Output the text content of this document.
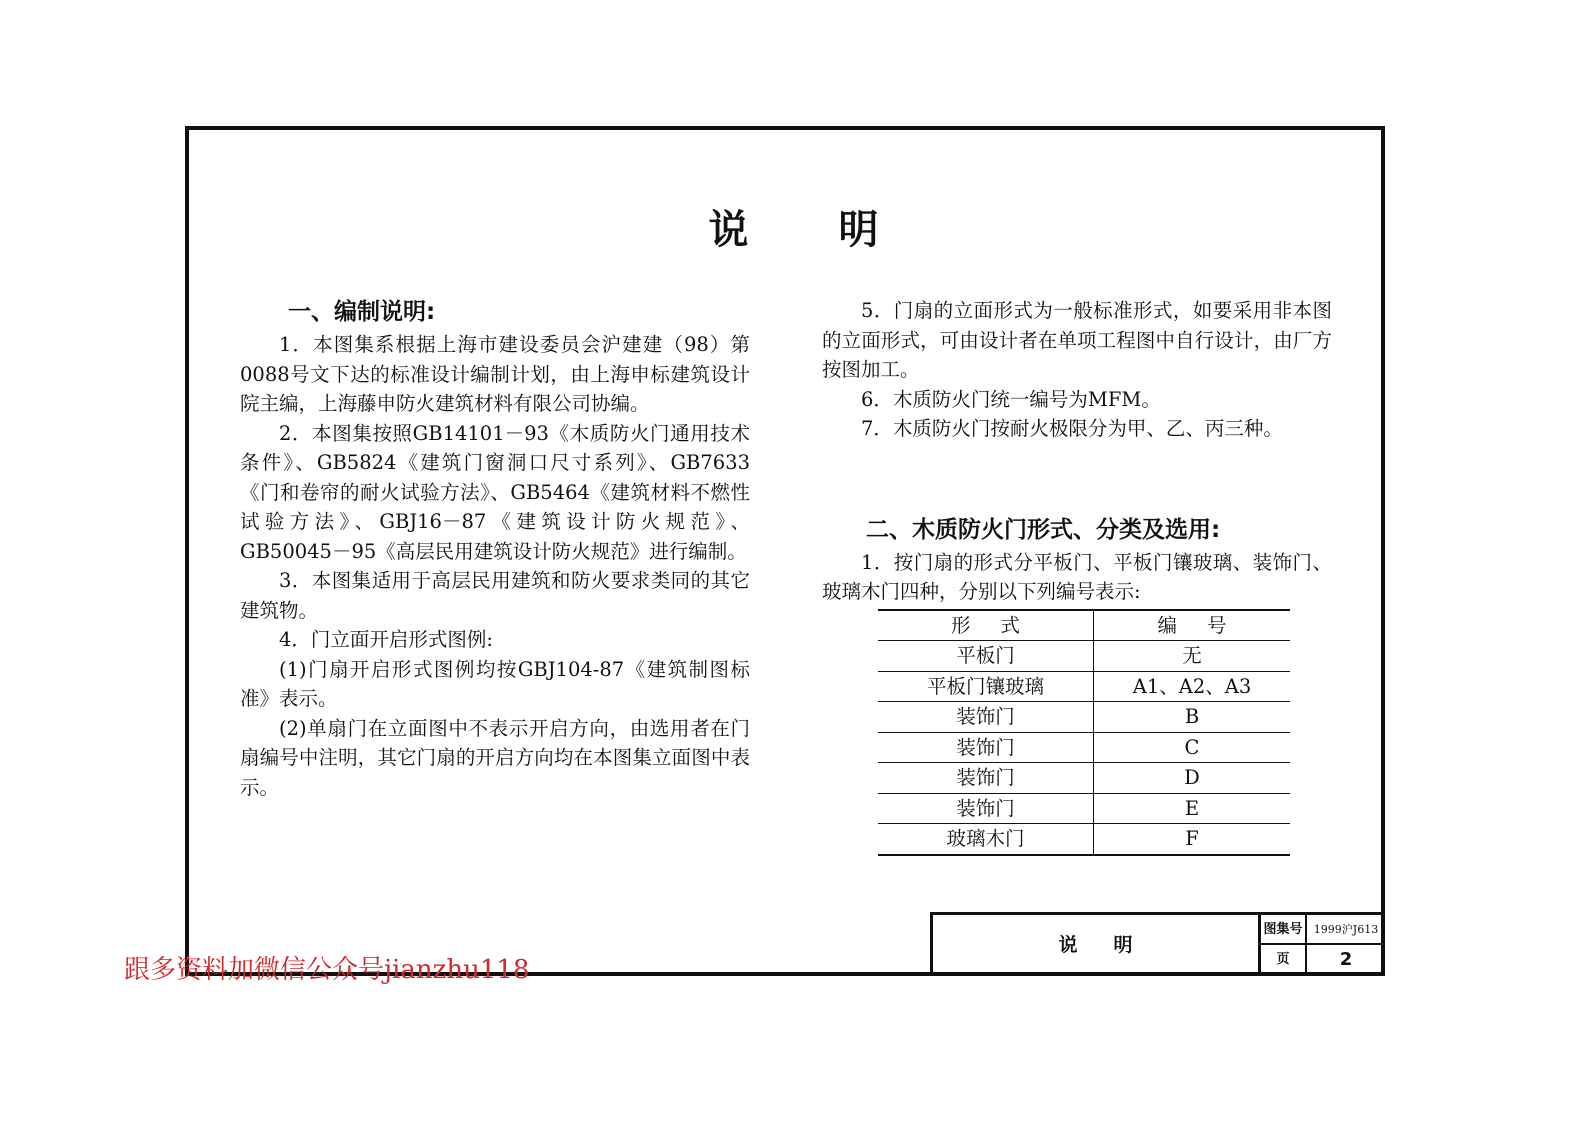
说明
一、编制说明:

1．本图集系根据上海市建设委员会沪建建（98）第0088号文下达的标准设计编制计划，由上海申标建筑设计院主编，上海藤申防火建筑材料有限公司协编。

2．本图集按照GB14101－93《木质防火门通用技术条件》、GB5824《建筑门窗洞口尺寸系列》、GB7633《门和卷帘的耐火试验方法》、GB5464《建筑材料不燃性试验方法》、GBJ16－87《建筑设计防火规范》、GB50045－95《高层民用建筑设计防火规范》进行编制。

3．本图集适用于高层民用建筑和防火要求类同的其它建筑物。

4．门立面开启形式图例:

(1)门扇开启形式图例均按GBJ104-87《建筑制图标准》表示。

(2)单扇门在立面图中不表示开启方向，由选用者在门扇编号中注明，其它门扇的开启方向均在本图集立面图中表示。

5．门扇的立面形式为一般标准形式，如要采用非本图的立面形式，可由设计者在单项工程图中自行设计，由厂方按图加工。

6．木质防火门统一编号为MFM。

7．木质防火门按耐火极限分为甲、乙、丙三种。

二、木质防火门形式、分类及选用:

1．按门扇的形式分平板门、平板门镶玻璃、装饰门、玻璃木门四种，分别以下列编号表示:

形式	编号
平板门	无
平板门镶玻璃	A1、A2、A3
装饰门	B
装饰门	C
装饰门	D
装饰门	E
玻璃木门	F
说明
图集号	1999沪J613
页	2
跟多资料加微信公众号jianzhu118
